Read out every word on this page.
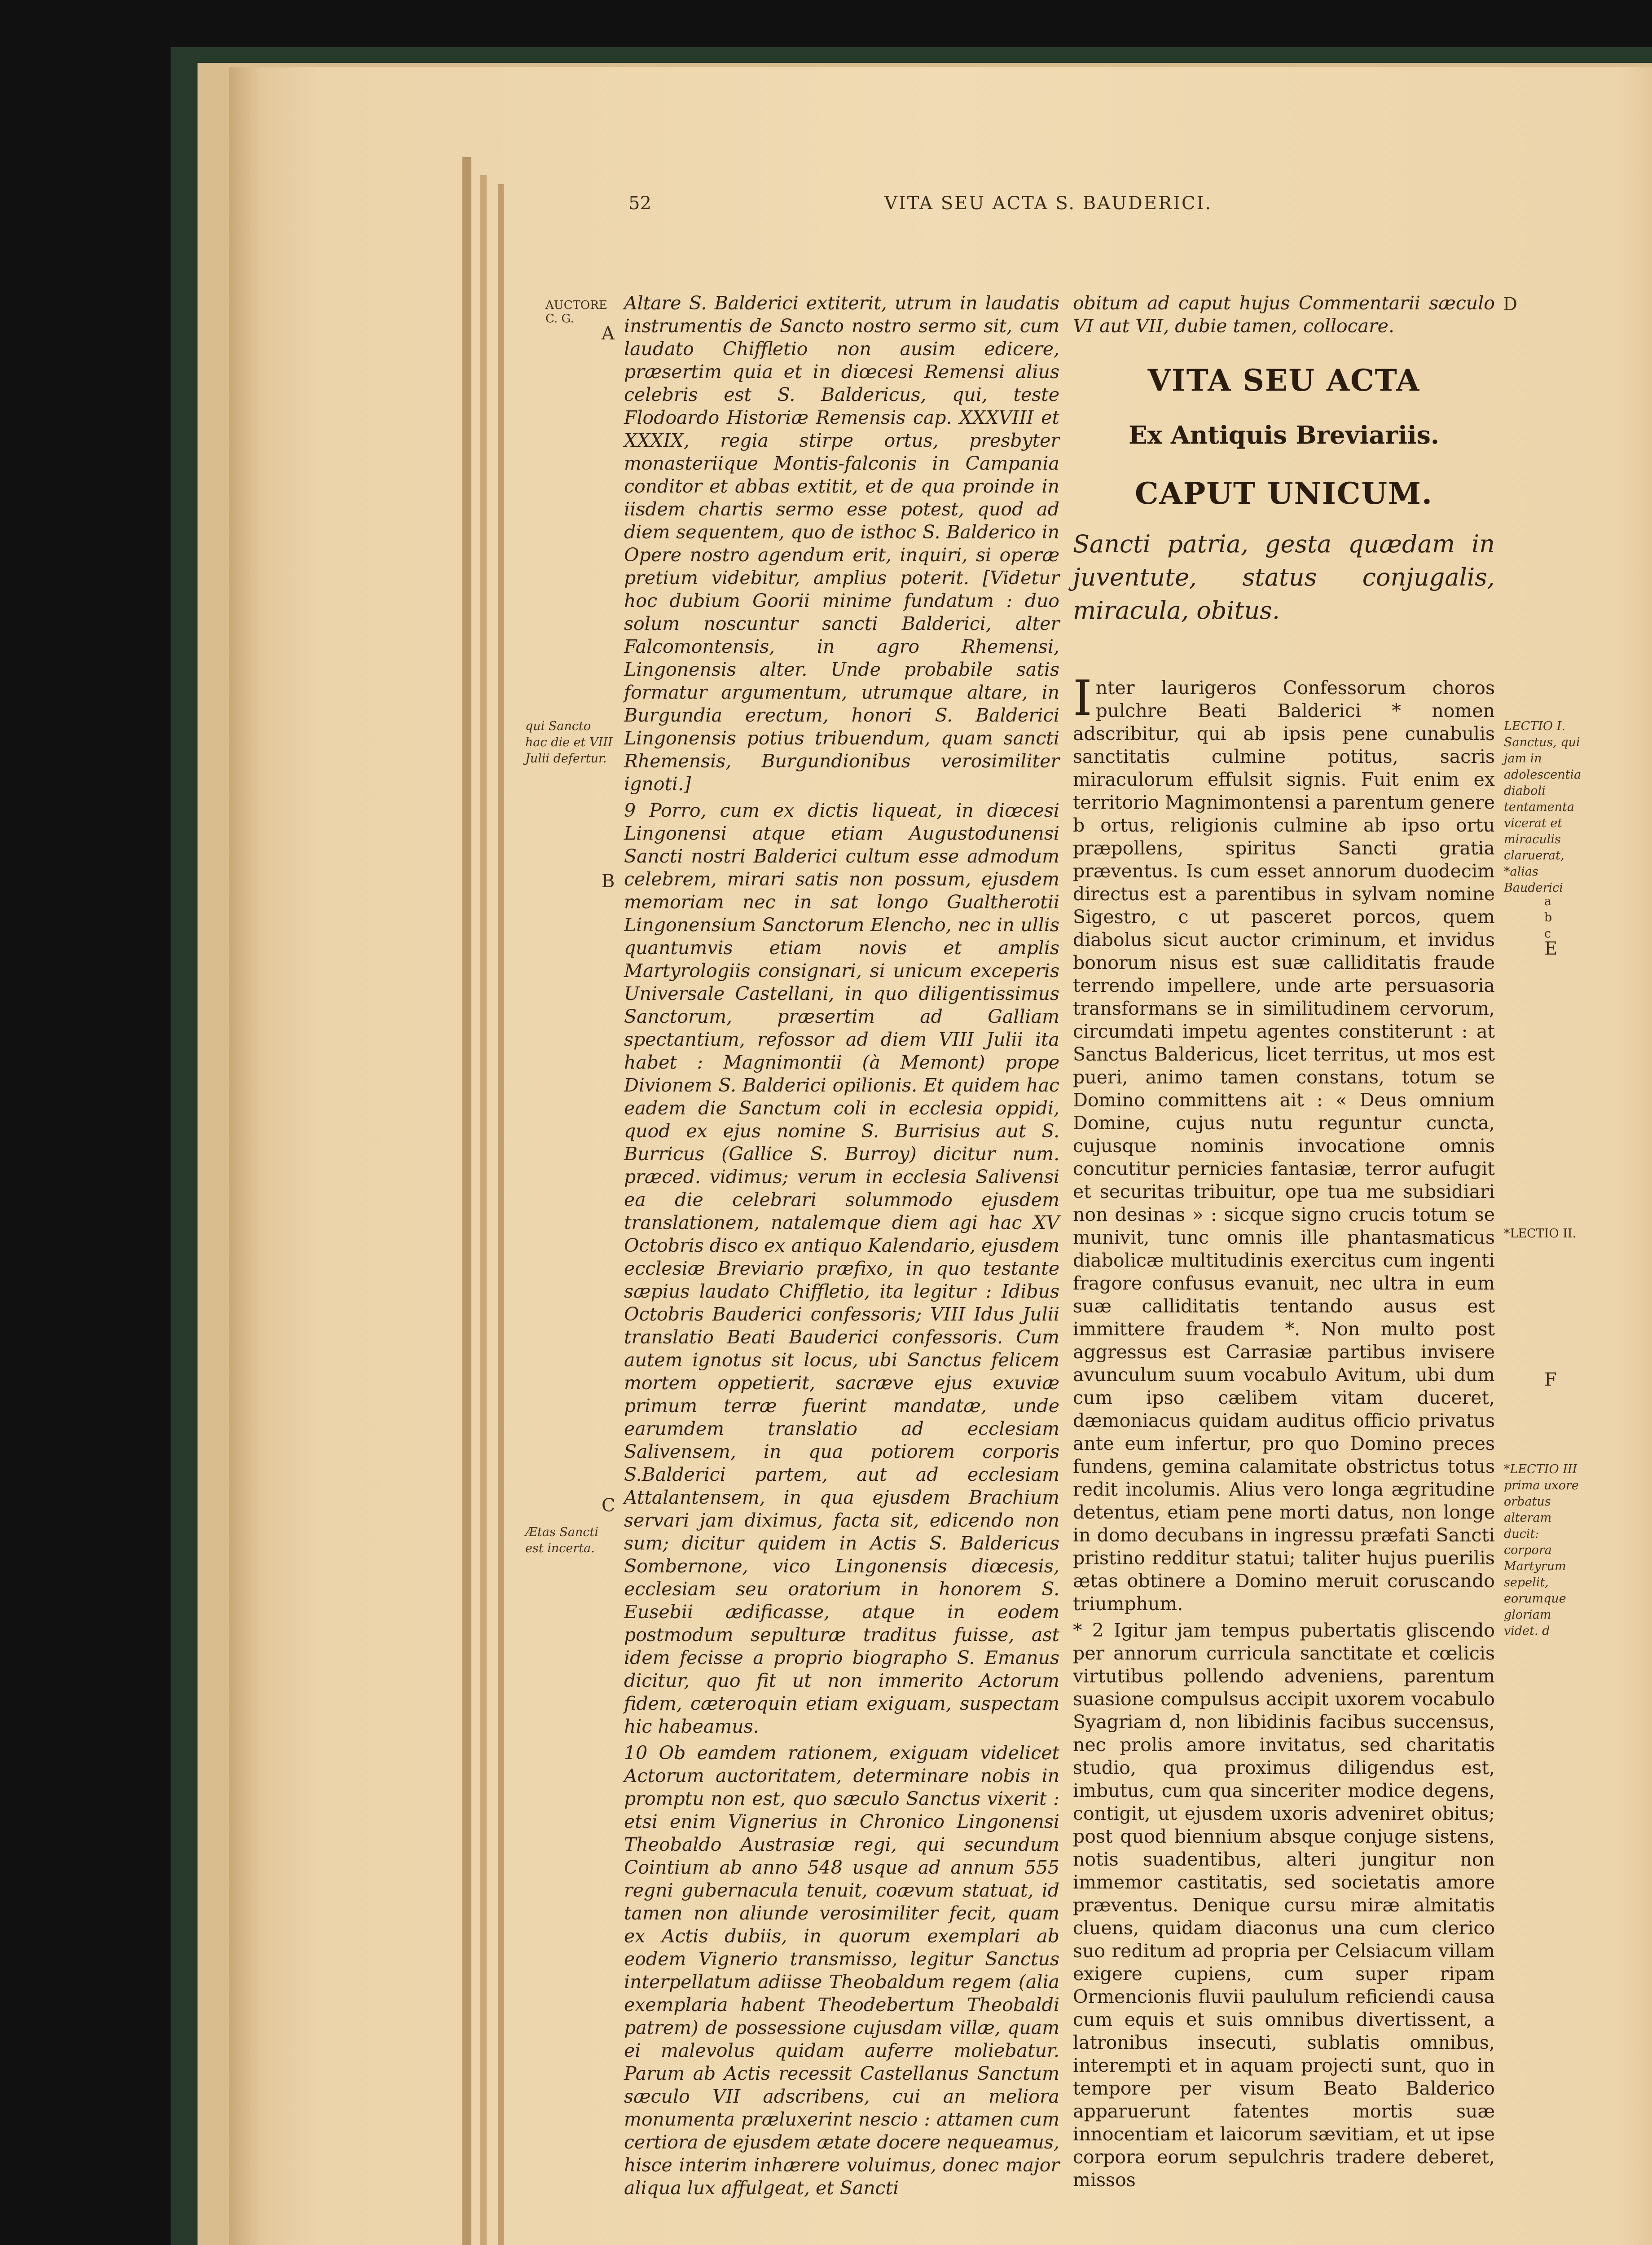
52	VITA SEU ACTA S. BAUDERICI.
A
B
C
D
E
F
AUCTORE C. G.
qui Sancto hac die et VIII Julii defertur.
Ætas Sancti est incerta.
LECTIO I. Sanctus, qui jam in adolescentia diaboli tentamenta vicerat et miraculis claruerat, *alias Bauderici
a b c
*LECTIO II.
*LECTIO III prima uxore orbatus alteram ducit: corpora Martyrum sepelit, eorumque gloriam videt. d

Altare S. Balderici extiterit, utrum in laudatis instrumentis de Sancto nostro sermo sit, cum laudato Chiffletio non ausim edicere, præsertim quia et in diœcesi Remensi alius celebris est S. Baldericus, qui, teste Flodoardo Historiæ Remensis cap. XXXVIII et XXXIX, regia stirpe ortus, presbyter monasteriique Montis-falconis in Campania conditor et abbas extitit, et de qua proinde in iisdem chartis sermo esse potest, quod ad diem sequentem, quo de isthoc S. Balderico in Opere nostro agendum erit, inquiri, si operæ pretium videbitur, amplius poterit. [Videtur hoc dubium Goorii minime fundatum : duo solum noscuntur sancti Balderici, alter Falcomontensis, in agro Rhemensi, Lingonensis alter. Unde probabile satis formatur argumentum, utrumque altare, in Burgundia erectum, honori S. Balderici Lingonensis potius tribuendum, quam sancti Rhemensis, Burgundionibus verosimiliter ignoti.]

9 Porro, cum ex dictis liqueat, in diœcesi Lingonensi atque etiam Augustodunensi Sancti nostri Balderici cultum esse admodum celebrem, mirari satis non possum, ejusdem memoriam nec in sat longo Gualtherotii Lingonensium Sanctorum Elencho, nec in ullis quantumvis etiam novis et amplis Martyrologiis consignari, si unicum exceperis Universale Castellani, in quo diligentissimus Sanctorum, præsertim ad Galliam spectantium, refossor ad diem VIII Julii ita habet : Magnimontii (à Memont) prope Divionem S. Balderici opilionis. Et quidem hac eadem die Sanctum coli in ecclesia oppidi, quod ex ejus nomine S. Burrisius aut S. Burricus (Gallice S. Burroy) dicitur num. præced. vidimus; verum in ecclesia Salivensi ea die celebrari solummodo ejusdem translationem, natalemque diem agi hac XV Octobris disco ex antiquo Kalendario, ejusdem ecclesiæ Breviario præfixo, in quo testante sæpius laudato Chiffletio, ita legitur : Idibus Octobris Bauderici confessoris; VIII Idus Julii translatio Beati Bauderici confessoris. Cum autem ignotus sit locus, ubi Sanctus felicem mortem oppetierit, sacræve ejus exuviæ primum terræ fuerint mandatæ, unde earumdem translatio ad ecclesiam Salivensem, in qua potiorem corporis S.Balderici partem, aut ad ecclesiam Attalantensem, in qua ejusdem Brachium servari jam diximus, facta sit, edicendo non sum; dicitur quidem in Actis S. Baldericus Sombernone, vico Lingonensis diœcesis, ecclesiam seu oratorium in honorem S. Eusebii ædificasse, atque in eodem postmodum sepulturæ traditus fuisse, ast idem fecisse a proprio biographo S. Emanus dicitur, quo fit ut non immerito Actorum fidem, cæteroquin etiam exiguam, suspectam hic habeamus.

10 Ob eamdem rationem, exiguam videlicet Actorum auctoritatem, determinare nobis in promptu non est, quo sæculo Sanctus vixerit : etsi enim Vignerius in Chronico Lingonensi Theobaldo Austrasiæ regi, qui secundum Cointium ab anno 548 usque ad annum 555 regni gubernacula tenuit, coævum statuat, id tamen non aliunde verosimiliter fecit, quam ex Actis dubiis, in quorum exemplari ab eodem Vignerio transmisso, legitur Sanctus interpellatum adiisse Theobaldum regem (alia exemplaria habent Theodebertum Theobaldi patrem) de possessione cujusdam villæ, quam ei malevolus quidam auferre moliebatur. Parum ab Actis recessit Castellanus Sanctum sæculo VII adscribens, cui an meliora monumenta præluxerint nescio : attamen cum certiora de ejusdem ætate docere nequeamus, hisce interim inhærere voluimus, donec major aliqua lux affulgeat, et Sancti

obitum ad caput hujus Commentarii sæculo VI aut VII, dubie tamen, collocare.

VITA SEU ACTA
Ex Antiquis Breviariis.
CAPUT UNICUM.

Sancti patria, gesta quædam in juventute, status conjugalis, miracula, obitus.

Inter laurigeros Confessorum choros pulchre Beati Balderici * nomen adscribitur, qui ab ipsis pene cunabulis sanctitatis culmine potitus, sacris miraculorum effulsit signis. Fuit enim ex territorio Magnimontensi a parentum genere b ortus, religionis culmine ab ipso ortu præpollens, spiritus Sancti gratia præventus. Is cum esset annorum duodecim directus est a parentibus in sylvam nomine Sigestro, c ut pasceret porcos, quem diabolus sicut auctor criminum, et invidus bonorum nisus est suæ calliditatis fraude terrendo impellere, unde arte persuasoria transformans se in similitudinem cervorum, circumdati impetu agentes constiterunt : at Sanctus Baldericus, licet territus, ut mos est pueri, animo tamen constans, totum se Domino committens ait : « Deus omnium Domine, cujus nutu reguntur cuncta, cujusque nominis invocatione omnis concutitur pernicies fantasiæ, terror aufugit et securitas tribuitur, ope tua me subsidiari non desinas » : sicque signo crucis totum se munivit, tunc omnis ille phantasmaticus diabolicæ multitudinis exercitus cum ingenti fragore confusus evanuit, nec ultra in eum suæ calliditatis tentando ausus est immittere fraudem *. Non multo post aggressus est Carrasiæ partibus invisere avunculum suum vocabulo Avitum, ubi dum cum ipso cælibem vitam duceret, dæmoniacus quidam auditus officio privatus ante eum infertur, pro quo Domino preces fundens, gemina calamitate obstrictus totus redit incolumis. Alius vero longa ægritudine detentus, etiam pene morti datus, non longe in domo decubans in ingressu præfati Sancti pristino redditur statui; taliter hujus puerilis ætas obtinere a Domino meruit coruscando triumphum.

* 2 Igitur jam tempus pubertatis gliscendo per annorum curricula sanctitate et cœlicis virtutibus pollendo adveniens, parentum suasione compulsus accipit uxorem vocabulo Syagriam d, non libidinis facibus succensus, nec prolis amore invitatus, sed charitatis studio, qua proximus diligendus est, imbutus, cum qua sinceriter modice degens, contigit, ut ejusdem uxoris adveniret obitus; post quod biennium absque conjuge sistens, notis suadentibus, alteri jungitur non immemor castitatis, sed societatis amore præventus. Denique cursu miræ almitatis cluens, quidam diaconus una cum clerico suo reditum ad propria per Celsiacum villam exigere cupiens, cum super ripam Ormencionis fluvii paululum reficiendi causa cum equis et suis omnibus divertissent, a latronibus insecuti, sublatis omnibus, interempti et in aquam projecti sunt, quo in tempore per visum Beato Balderico apparuerunt fatentes mortis suæ innocentiam et laicorum sævitiam, et ut ipse corpora eorum sepulchris tradere deberet, missos
